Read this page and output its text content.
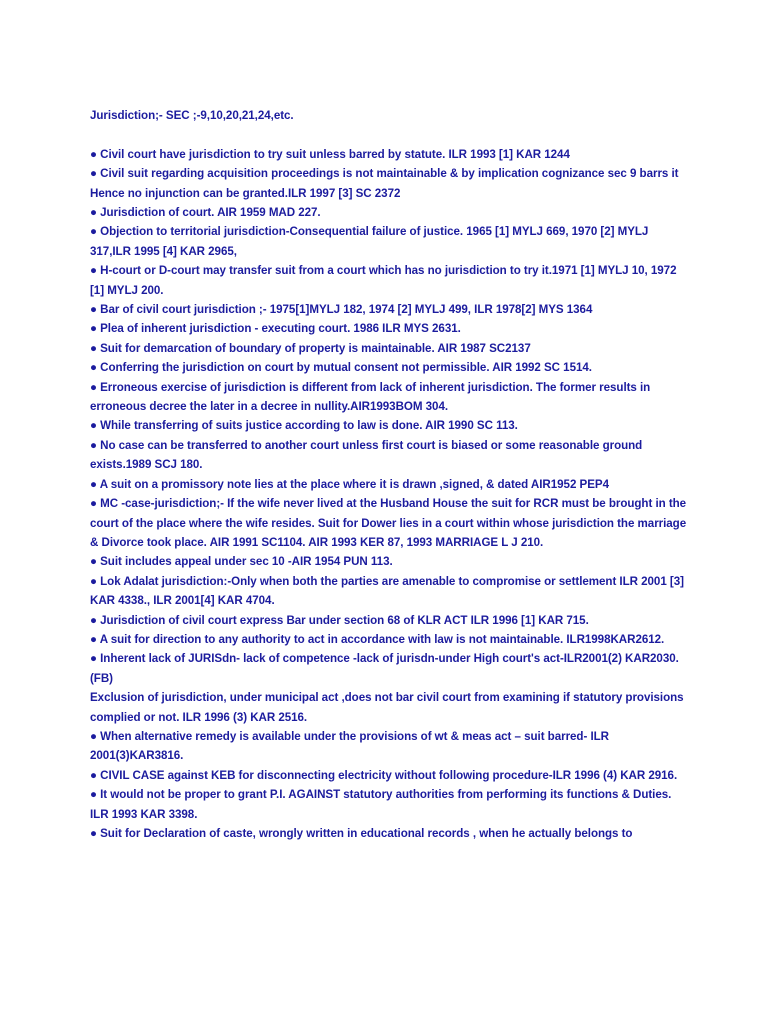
Jurisdiction;- SEC ;-9,10,20,21,24,etc.

● Civil court have jurisdiction to try suit unless barred by statute. ILR 1993 [1] KAR 1244
● Civil suit regarding acquisition proceedings is not maintainable & by implication cognizance sec 9 barrs it Hence no injunction can be granted.ILR 1997 [3] SC 2372
● Jurisdiction of court. AIR 1959 MAD 227.
● Objection to territorial jurisdiction-Consequential failure of justice. 1965 [1] MYLJ 669, 1970 [2] MYLJ 317,ILR 1995 [4] KAR 2965,
● H-court or D-court may transfer suit from a court which has no jurisdiction to try it.1971 [1] MYLJ 10, 1972 [1] MYLJ 200.
● Bar of civil court jurisdiction ;- 1975[1]MYLJ 182, 1974 [2] MYLJ 499, ILR 1978[2] MYS 1364
● Plea of inherent jurisdiction - executing court. 1986 ILR MYS 2631.
● Suit for demarcation of boundary of property is maintainable. AIR 1987 SC2137
● Conferring the jurisdiction on court by mutual consent not permissible. AIR 1992 SC 1514.
● Erroneous exercise of jurisdiction is different from lack of inherent jurisdiction. The former results in erroneous decree the later in a decree in nullity.AIR1993BOM 304.
● While transferring of suits justice according to law is done. AIR 1990 SC 113.
● No case can be transferred to another court unless first court is biased or some reasonable ground exists.1989 SCJ 180.
● A suit on a promissory note lies at the place where it is drawn ,signed, & dated AIR1952 PEP4
● MC -case-jurisdiction;- If the wife never lived at the Husband House the suit for RCR must be brought in the court of the place where the wife resides. Suit for Dower lies in a court within whose jurisdiction the marriage & Divorce took place. AIR 1991 SC1104. AIR 1993 KER 87, 1993 MARRIAGE L J 210.
● Suit includes appeal under sec 10 -AIR 1954 PUN 113.
● Lok Adalat jurisdiction:-Only when both the parties are amenable to compromise or settlement ILR 2001 [3] KAR 4338., ILR 2001[4] KAR 4704.
● Jurisdiction of civil court express Bar under section 68 of KLR ACT ILR 1996 [1] KAR 715.
● A suit for direction to any authority to act in accordance with law is not maintainable. ILR1998KAR2612.
● Inherent lack of JURISdn- lack of competence -lack of jurisdn-under High court's act-ILR2001(2) KAR2030.(FB)
Exclusion of jurisdiction, under municipal act ,does not bar civil court from examining if statutory provisions complied or not. ILR 1996 (3) KAR 2516.
● When alternative remedy is available under the provisions of wt & meas act – suit barred- ILR 2001(3)KAR3816.
● CIVIL CASE against KEB for disconnecting electricity without following procedure-ILR 1996 (4) KAR 2916.
● It would not be proper to grant P.I. AGAINST statutory authorities from performing its functions & Duties. ILR 1993 KAR 3398.
● Suit for Declaration of caste, wrongly written in educational records , when he actually belongs to
